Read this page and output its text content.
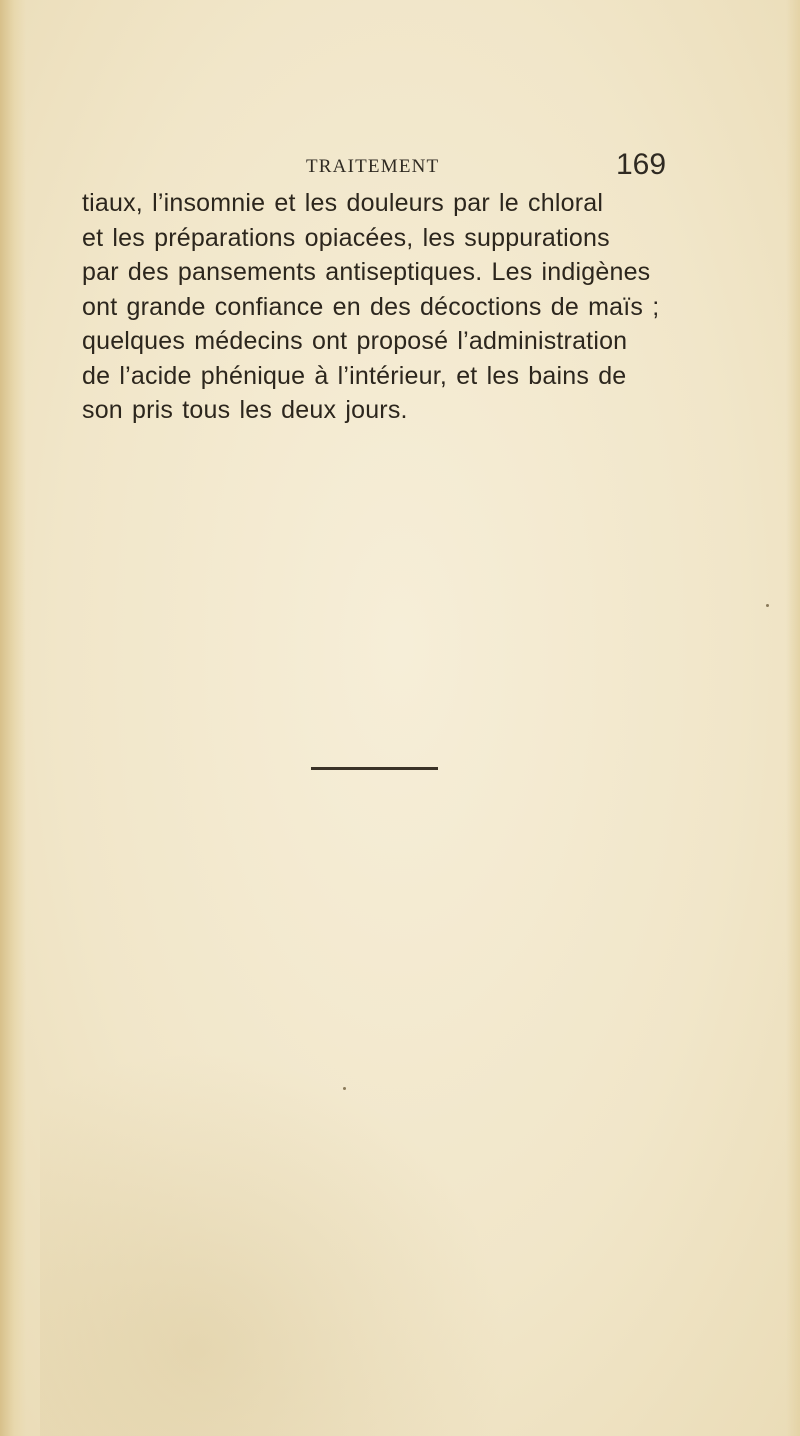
TRAITEMENT	169
tiaux, l’insomnie et les douleurs par le chloral
et les préparations opiacées, les suppurations
par des pansements antiseptiques. Les indigènes
ont grande confiance en des décoctions de maïs ;
quelques médecins ont proposé l’administration
de l’acide phénique à l’intérieur, et les bains de
son pris tous les deux jours.
